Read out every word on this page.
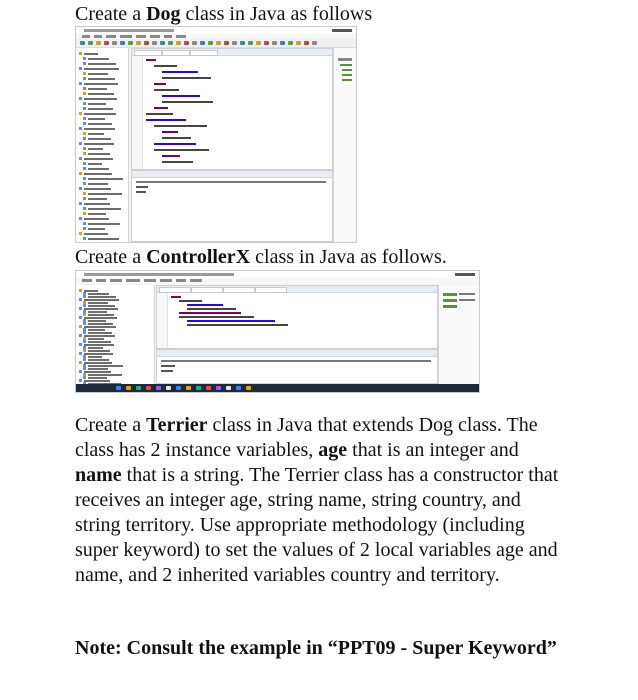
Create a Dog class in Java as follows
Create a ControllerX class in Java as follows.

Create a Terrier class in Java that extends Dog class. The class has 2 instance variables, age that is an integer and name that is a string. The Terrier class has a constructor that receives an integer age, string name, string country, and string territory. Use appropriate methodology (including super keyword) to set the values of 2 local variables age and name, and 2 inherited variables country and territory.

Note: Consult the example in “PPT09 - Super Keyword”
